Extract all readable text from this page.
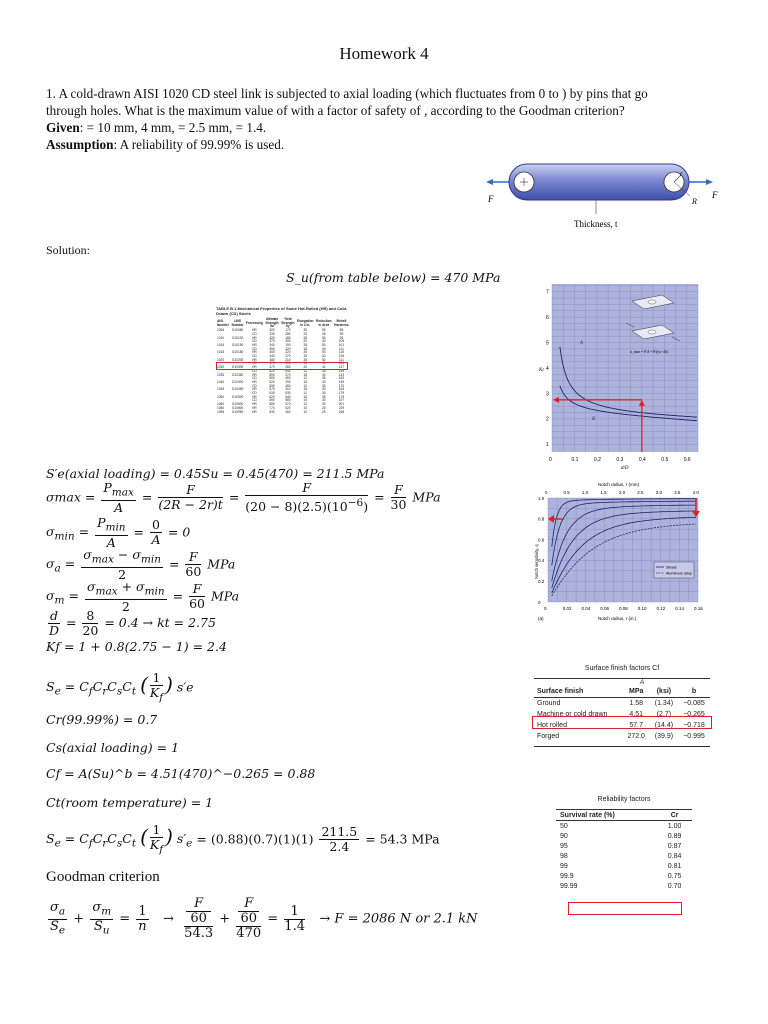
Homework 4

1. A cold-drawn AISI 1020 CD steel link is subjected to axial loading (which fluctuates from 0 to ) by pins that go

through holes. What is the maximum value of with a factor of safety of , according to the Goodman criterion?

Given: = 10 mm, 4 mm, = 2.5 mm, = 1.4.

Assumption: A reliability of 99.99% is used.

r
F	F
R
Thickness, t
Solution:
S_u(from table below) = 470 MPa
TABLE B.1 Mechanical Properties of Some Hot-Rolled (HR) and Cold-Drawn (CD) Steels
AISI Number	UNS Number	Processing	Ultimate Strength Su	Yield Strength Sy	Elongation in 2 in.	Reduction in Area	Brinell Hardness
1006	G10060	HR	300	170	30	55	86
		CD	330	280	20	45	95
1010	G10100	HR	320	180	28	50	95
		CD	370	300	20	40	105
1015	G10150	HR	340	190	28	50	101
		CD	390	320	18	40	111
1018	G10180	HR	400	220	25	50	116
		CD	440	370	15	40	126
1020	G10200	HR	380	210	25	50	111
		CD	470	390	15	40	131
1030	G10300	HR	470	260	20	42	137
		CD	520	440	12	35	149
1035	G10350	HR	500	270	18	40	143
		CD	550	460	12	35	163
1040	G10400	HR	520	290	18	40	149
		CD	590	490	12	35	170
1045	G10450	HR	570	310	16	40	163
		CD	630	530	12	35	179
1050	G10500	HR	620	340	15	35	179
		CD	690	580	10	30	197
1060	G10600	HR	680	370	12	30	201
1080	G10800	HR	770	420	10	25	229
1095	G10950	HR	830	460	10	25	248
1
2
3
4
5
6
7
0	0.1	0.2	0.3	0.4	0.5	0.6
A
B
Kt
d/D
σ_nom = P/A = P/((w−d)t)
Notch radius, r (mm)
0	0.5	1.0	1.5	2.0	2.5	3.0	3.5	4.0
0
0.2
0.4
0.6
0.8
1.0
0	0.02 0.04 0.06 0.08 0.10 0.12 0.14 0.16
Notch sensitivity, q
Notch radius, r (in.)
(a)
Steels
Aluminum alloy
S′e(axial loading) = 0.45Su = 0.45(470) = 211.5 MPa
$\sigma\max = \frac{P_{max}}{A} = \frac{F}{(2R - 2r)t} = \frac{F}{(20 - 8)(2.5)(10^{-6})} = \frac{F}{30}$ MPa
$\sigma_{min} = \frac{P_{min}}{A} = \frac{0}{A} = 0$
$\sigma_a = \frac{\sigma_{max} - \sigma_{min}}{2} = \frac{F}{60}$ MPa
$\sigma_m = \frac{\sigma_{max} + \sigma_{min}}{2} = \frac{F}{60}$ MPa
$\frac{d}{D} = \frac{8}{20} = 0.4$ → kt = 2.75
Kf = 1 + 0.8(2.75 − 1) = 2.4
$S_e = C_fC_rC_sC_t$ ( $\frac{1}{K_f}$ ) s′e
Cr(99.99%) = 0.7
Cs(axial loading) = 1
Cf = A(Su)^b = 4.51(470)^−0.265 = 0.88
Ct(room temperature) = 1
$S_e = C_fC_rC_sC_t$ ( $\frac{1}{K_f}$ ) $s'_e = (0.88)(0.7)(1)(1) \frac{211.5}{2.4} = 54.3$ MPa
Goodman criterion
$\frac{\sigma_a}{S_e} + \frac{\sigma_m}{S_u} = \frac{1}{n} \to F$
60
54.3 + F
60
$470 = \frac{1}{1.4} \to F = 2086$ N or 2.1 kN
Surface finish factors Cf
A
Surface finish	MPa	(ksi)	b
Ground	1.58	(1.34)	−0.085
Machine or cold drawn	4.51	(2.7)	−0.265
Hot rolled	57.7	(14.4)	−0.718
Forged	272.0	(39.9)	−0.995
Reliability factors
Survival rate (%)	Cr
50	1.00
90	0.89
95	0.87
98	0.84
99	0.81
99.9	0.75
99.99	0.70
